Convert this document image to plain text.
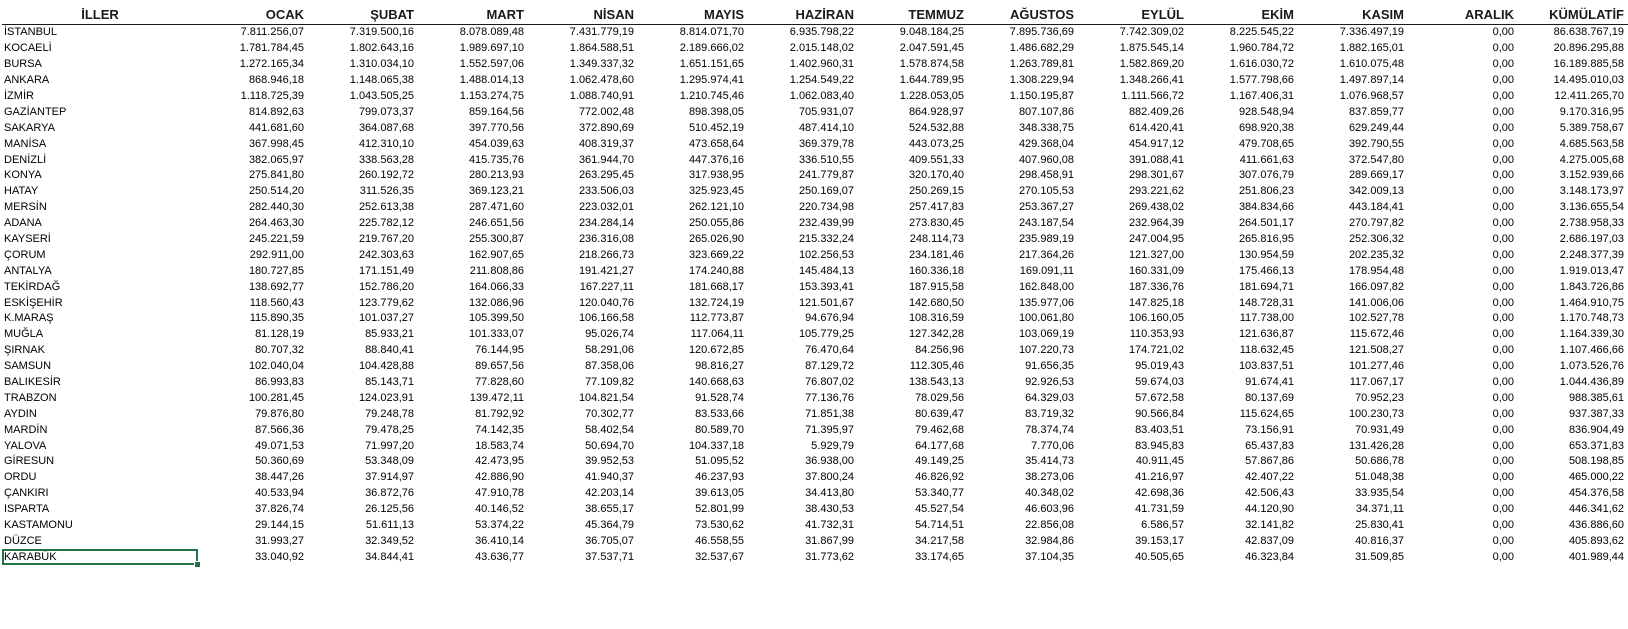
İLLER	OCAK	ŞUBAT	MART	NİSAN	MAYIS	HAZİRAN	TEMMUZ	AĞUSTOS	EYLÜL	EKİM	KASIM	ARALIK	KÜMÜLATİF
İSTANBUL	7.811.256,07	7.319.500,16	8.078.089,48	7.431.779,19	8.814.071,70	6.935.798,22	9.048.184,25	7.895.736,69	7.742.309,02	8.225.545,22	7.336.497,19	0,00	86.638.767,19
KOCAELİ	1.781.784,45	1.802.643,16	1.989.697,10	1.864.588,51	2.189.666,02	2.015.148,02	2.047.591,45	1.486.682,29	1.875.545,14	1.960.784,72	1.882.165,01	0,00	20.896.295,88
BURSA	1.272.165,34	1.310.034,10	1.552.597,06	1.349.337,32	1.651.151,65	1.402.960,31	1.578.874,58	1.263.789,81	1.582.869,20	1.616.030,72	1.610.075,48	0,00	16.189.885,58
ANKARA	868.946,18	1.148.065,38	1.488.014,13	1.062.478,60	1.295.974,41	1.254.549,22	1.644.789,95	1.308.229,94	1.348.266,41	1.577.798,66	1.497.897,14	0,00	14.495.010,03
İZMİR	1.118.725,39	1.043.505,25	1.153.274,75	1.088.740,91	1.210.745,46	1.062.083,40	1.228.053,05	1.150.195,87	1.111.566,72	1.167.406,31	1.076.968,57	0,00	12.411.265,70
GAZİANTEP	814.892,63	799.073,37	859.164,56	772.002,48	898.398,05	705.931,07	864.928,97	807.107,86	882.409,26	928.548,94	837.859,77	0,00	9.170.316,95
SAKARYA	441.681,60	364.087,68	397.770,56	372.890,69	510.452,19	487.414,10	524.532,88	348.338,75	614.420,41	698.920,38	629.249,44	0,00	5.389.758,67
MANİSA	367.998,45	412.310,10	454.039,63	408.319,37	473.658,64	369.379,78	443.073,25	429.368,04	454.917,12	479.708,65	392.790,55	0,00	4.685.563,58
DENİZLİ	382.065,97	338.563,28	415.735,76	361.944,70	447.376,16	336.510,55	409.551,33	407.960,08	391.088,41	411.661,63	372.547,80	0,00	4.275.005,68
KONYA	275.841,80	260.192,72	280.213,93	263.295,45	317.938,95	241.779,87	320.170,40	298.458,91	298.301,67	307.076,79	289.669,17	0,00	3.152.939,66
HATAY	250.514,20	311.526,35	369.123,21	233.506,03	325.923,45	250.169,07	250.269,15	270.105,53	293.221,62	251.806,23	342.009,13	0,00	3.148.173,97
MERSİN	282.440,30	252.613,38	287.471,60	223.032,01	262.121,10	220.734,98	257.417,83	253.367,27	269.438,02	384.834,66	443.184,41	0,00	3.136.655,54
ADANA	264.463,30	225.782,12	246.651,56	234.284,14	250.055,86	232.439,99	273.830,45	243.187,54	232.964,39	264.501,17	270.797,82	0,00	2.738.958,33
KAYSERİ	245.221,59	219.767,20	255.300,87	236.316,08	265.026,90	215.332,24	248.114,73	235.989,19	247.004,95	265.816,95	252.306,32	0,00	2.686.197,03
ÇORUM	292.911,00	242.303,63	162.907,65	218.266,73	323.669,22	102.256,53	234.181,46	217.364,26	121.327,00	130.954,59	202.235,32	0,00	2.248.377,39
ANTALYA	180.727,85	171.151,49	211.808,86	191.421,27	174.240,88	145.484,13	160.336,18	169.091,11	160.331,09	175.466,13	178.954,48	0,00	1.919.013,47
TEKİRDAĞ	138.692,77	152.786,20	164.066,33	167.227,11	181.668,17	153.393,41	187.915,58	162.848,00	187.336,76	181.694,71	166.097,82	0,00	1.843.726,86
ESKİŞEHİR	118.560,43	123.779,62	132.086,96	120.040,76	132.724,19	121.501,67	142.680,50	135.977,06	147.825,18	148.728,31	141.006,06	0,00	1.464.910,75
K.MARAŞ	115.890,35	101.037,27	105.399,50	106.166,58	112.773,87	94.676,94	108.316,59	100.061,80	106.160,05	117.738,00	102.527,78	0,00	1.170.748,73
MUĞLA	81.128,19	85.933,21	101.333,07	95.026,74	117.064,11	105.779,25	127.342,28	103.069,19	110.353,93	121.636,87	115.672,46	0,00	1.164.339,30
ŞIRNAK	80.707,32	88.840,41	76.144,95	58.291,06	120.672,85	76.470,64	84.256,96	107.220,73	174.721,02	118.632,45	121.508,27	0,00	1.107.466,66
SAMSUN	102.040,04	104.428,88	89.657,56	87.358,06	98.816,27	87.129,72	112.305,46	91.656,35	95.019,43	103.837,51	101.277,46	0,00	1.073.526,76
BALIKESİR	86.993,83	85.143,71	77.828,60	77.109,82	140.668,63	76.807,02	138.543,13	92.926,53	59.674,03	91.674,41	117.067,17	0,00	1.044.436,89
TRABZON	100.281,45	124.023,91	139.472,11	104.821,54	91.528,74	77.136,76	78.029,56	64.329,03	57.672,58	80.137,69	70.952,23	0,00	988.385,61
AYDIN	79.876,80	79.248,78	81.792,92	70.302,77	83.533,66	71.851,38	80.639,47	83.719,32	90.566,84	115.624,65	100.230,73	0,00	937.387,33
MARDİN	87.566,36	79.478,25	74.142,35	58.402,54	80.589,70	71.395,97	79.462,68	78.374,74	83.403,51	73.156,91	70.931,49	0,00	836.904,49
YALOVA	49.071,53	71.997,20	18.583,74	50.694,70	104.337,18	5.929,79	64.177,68	7.770,06	83.945,83	65.437,83	131.426,28	0,00	653.371,83
GİRESUN	50.360,69	53.348,09	42.473,95	39.952,53	51.095,52	36.938,00	49.149,25	35.414,73	40.911,45	57.867,86	50.686,78	0,00	508.198,85
ORDU	38.447,26	37.914,97	42.886,90	41.940,37	46.237,93	37.800,24	46.826,92	38.273,06	41.216,97	42.407,22	51.048,38	0,00	465.000,22
ÇANKIRI	40.533,94	36.872,76	47.910,78	42.203,14	39.613,05	34.413,80	53.340,77	40.348,02	42.698,36	42.506,43	33.935,54	0,00	454.376,58
ISPARTA	37.826,74	26.125,56	40.146,52	38.655,17	52.801,99	38.430,53	45.527,54	46.603,96	41.731,59	44.120,90	34.371,11	0,00	446.341,62
KASTAMONU	29.144,15	51.611,13	53.374,22	45.364,79	73.530,62	41.732,31	54.714,51	22.856,08	6.586,57	32.141,82	25.830,41	0,00	436.886,60
DÜZCE	31.993,27	32.349,52	36.410,14	36.705,07	46.558,55	31.867,99	34.217,58	32.984,86	39.153,17	42.837,09	40.816,37	0,00	405.893,62
KARABÜK	33.040,92	34.844,41	43.636,77	37.537,71	32.537,67	31.773,62	33.174,65	37.104,35	40.505,65	46.323,84	31.509,85	0,00	401.989,44
